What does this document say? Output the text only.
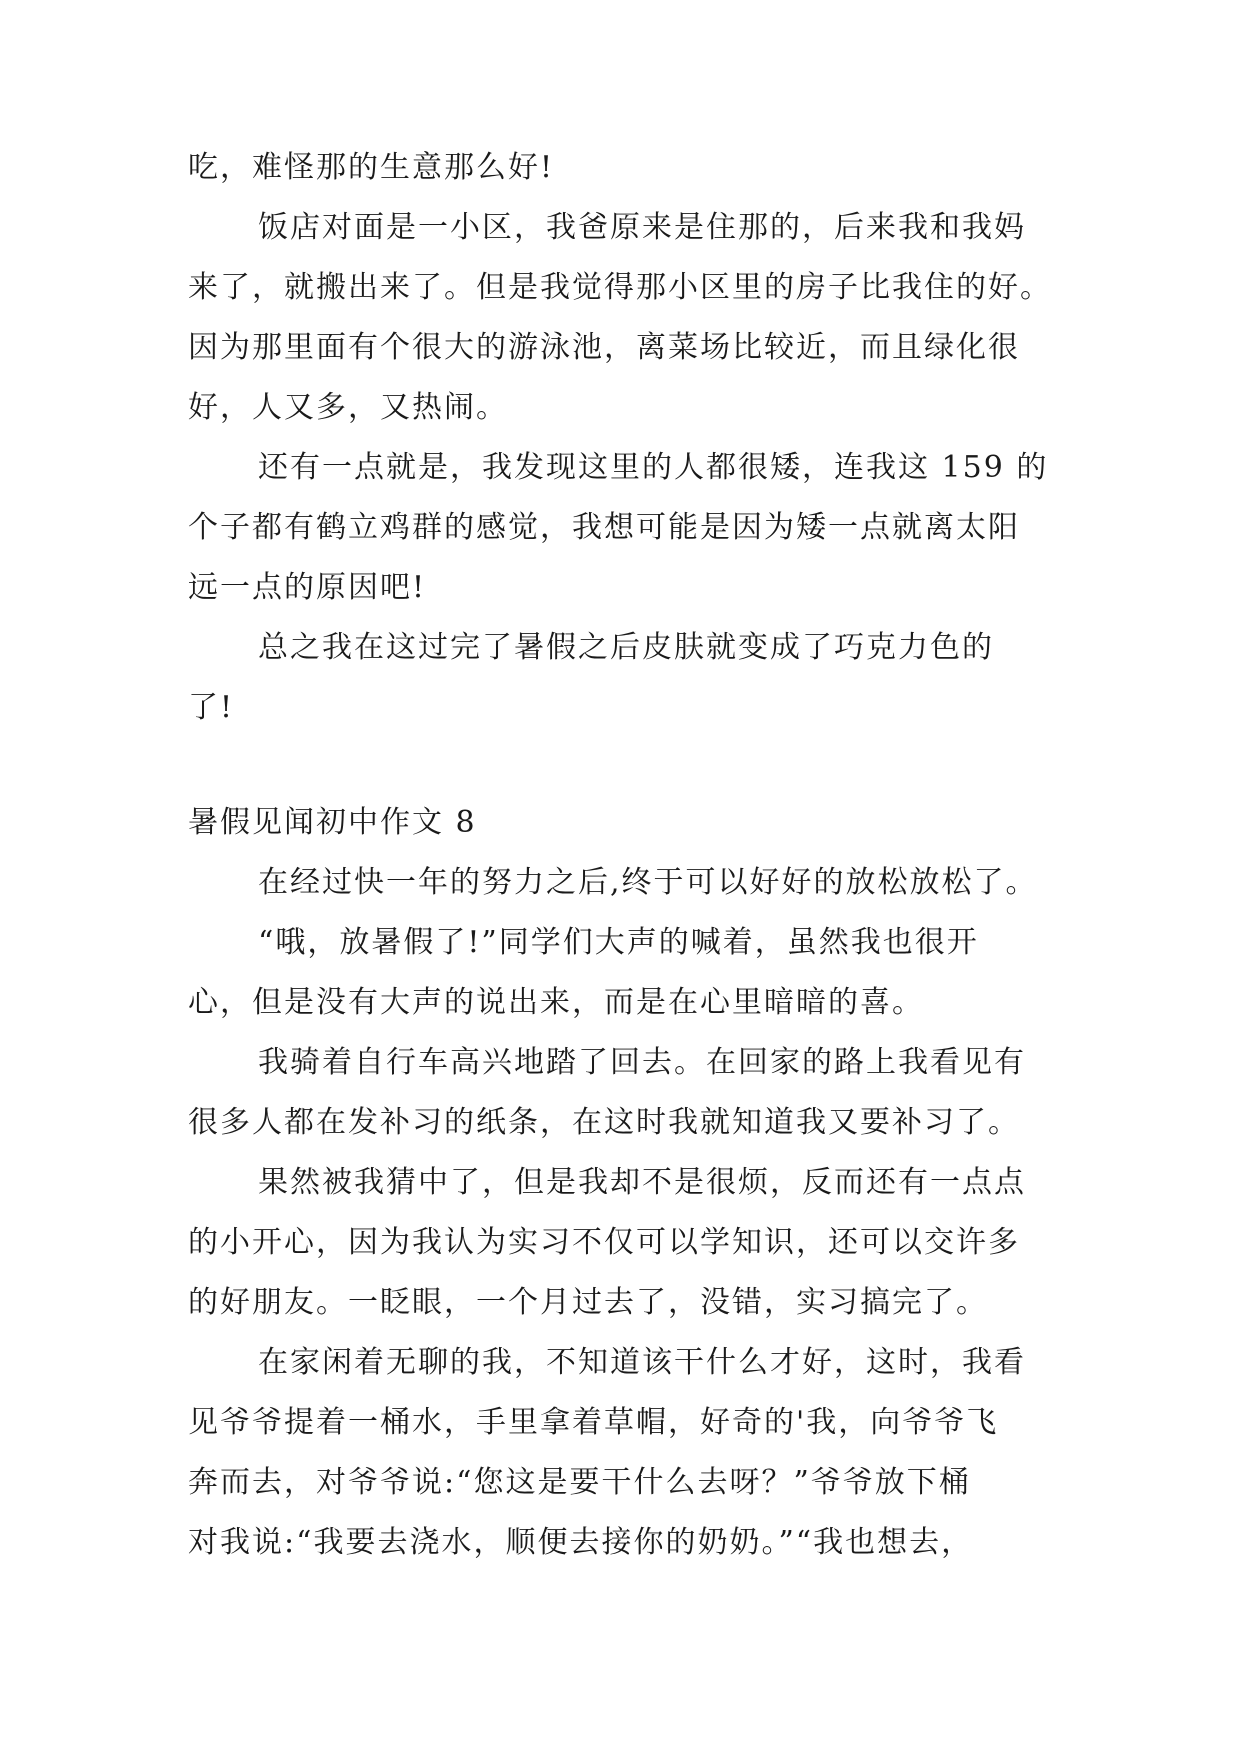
吃，难怪那的生意那么好!
饭店对面是一小区，我爸原来是住那的，后来我和我妈
来了，就搬出来了。但是我觉得那小区里的房子比我住的好。
因为那里面有个很大的游泳池，离菜场比较近，而且绿化很
好，人又多，又热闹。
还有一点就是，我发现这里的人都很矮，连我这 159 的
个子都有鹤立鸡群的感觉，我想可能是因为矮一点就离太阳
远一点的原因吧!
总之我在这过完了暑假之后皮肤就变成了巧克力色的
了!
暑假见闻初中作文 8
在经过快一年的努力之后,终于可以好好的放松放松了。
“哦，放暑假了!”同学们大声的喊着，虽然我也很开
心，但是没有大声的说出来，而是在心里暗暗的喜。
我骑着自行车高兴地踏了回去。在回家的路上我看见有
很多人都在发补习的纸条，在这时我就知道我又要补习了。
果然被我猜中了，但是我却不是很烦，反而还有一点点
的小开心，因为我认为实习不仅可以学知识，还可以交许多
的好朋友。一眨眼，一个月过去了，没错，实习搞完了。
在家闲着无聊的我，不知道该干什么才好，这时，我看
见爷爷提着一桶水，手里拿着草帽，好奇的'我，向爷爷飞
奔而去，对爷爷说:“您这是要干什么去呀？”爷爷放下桶
对我说:“我要去浇水，顺便去接你的奶奶。”“我也想去，
